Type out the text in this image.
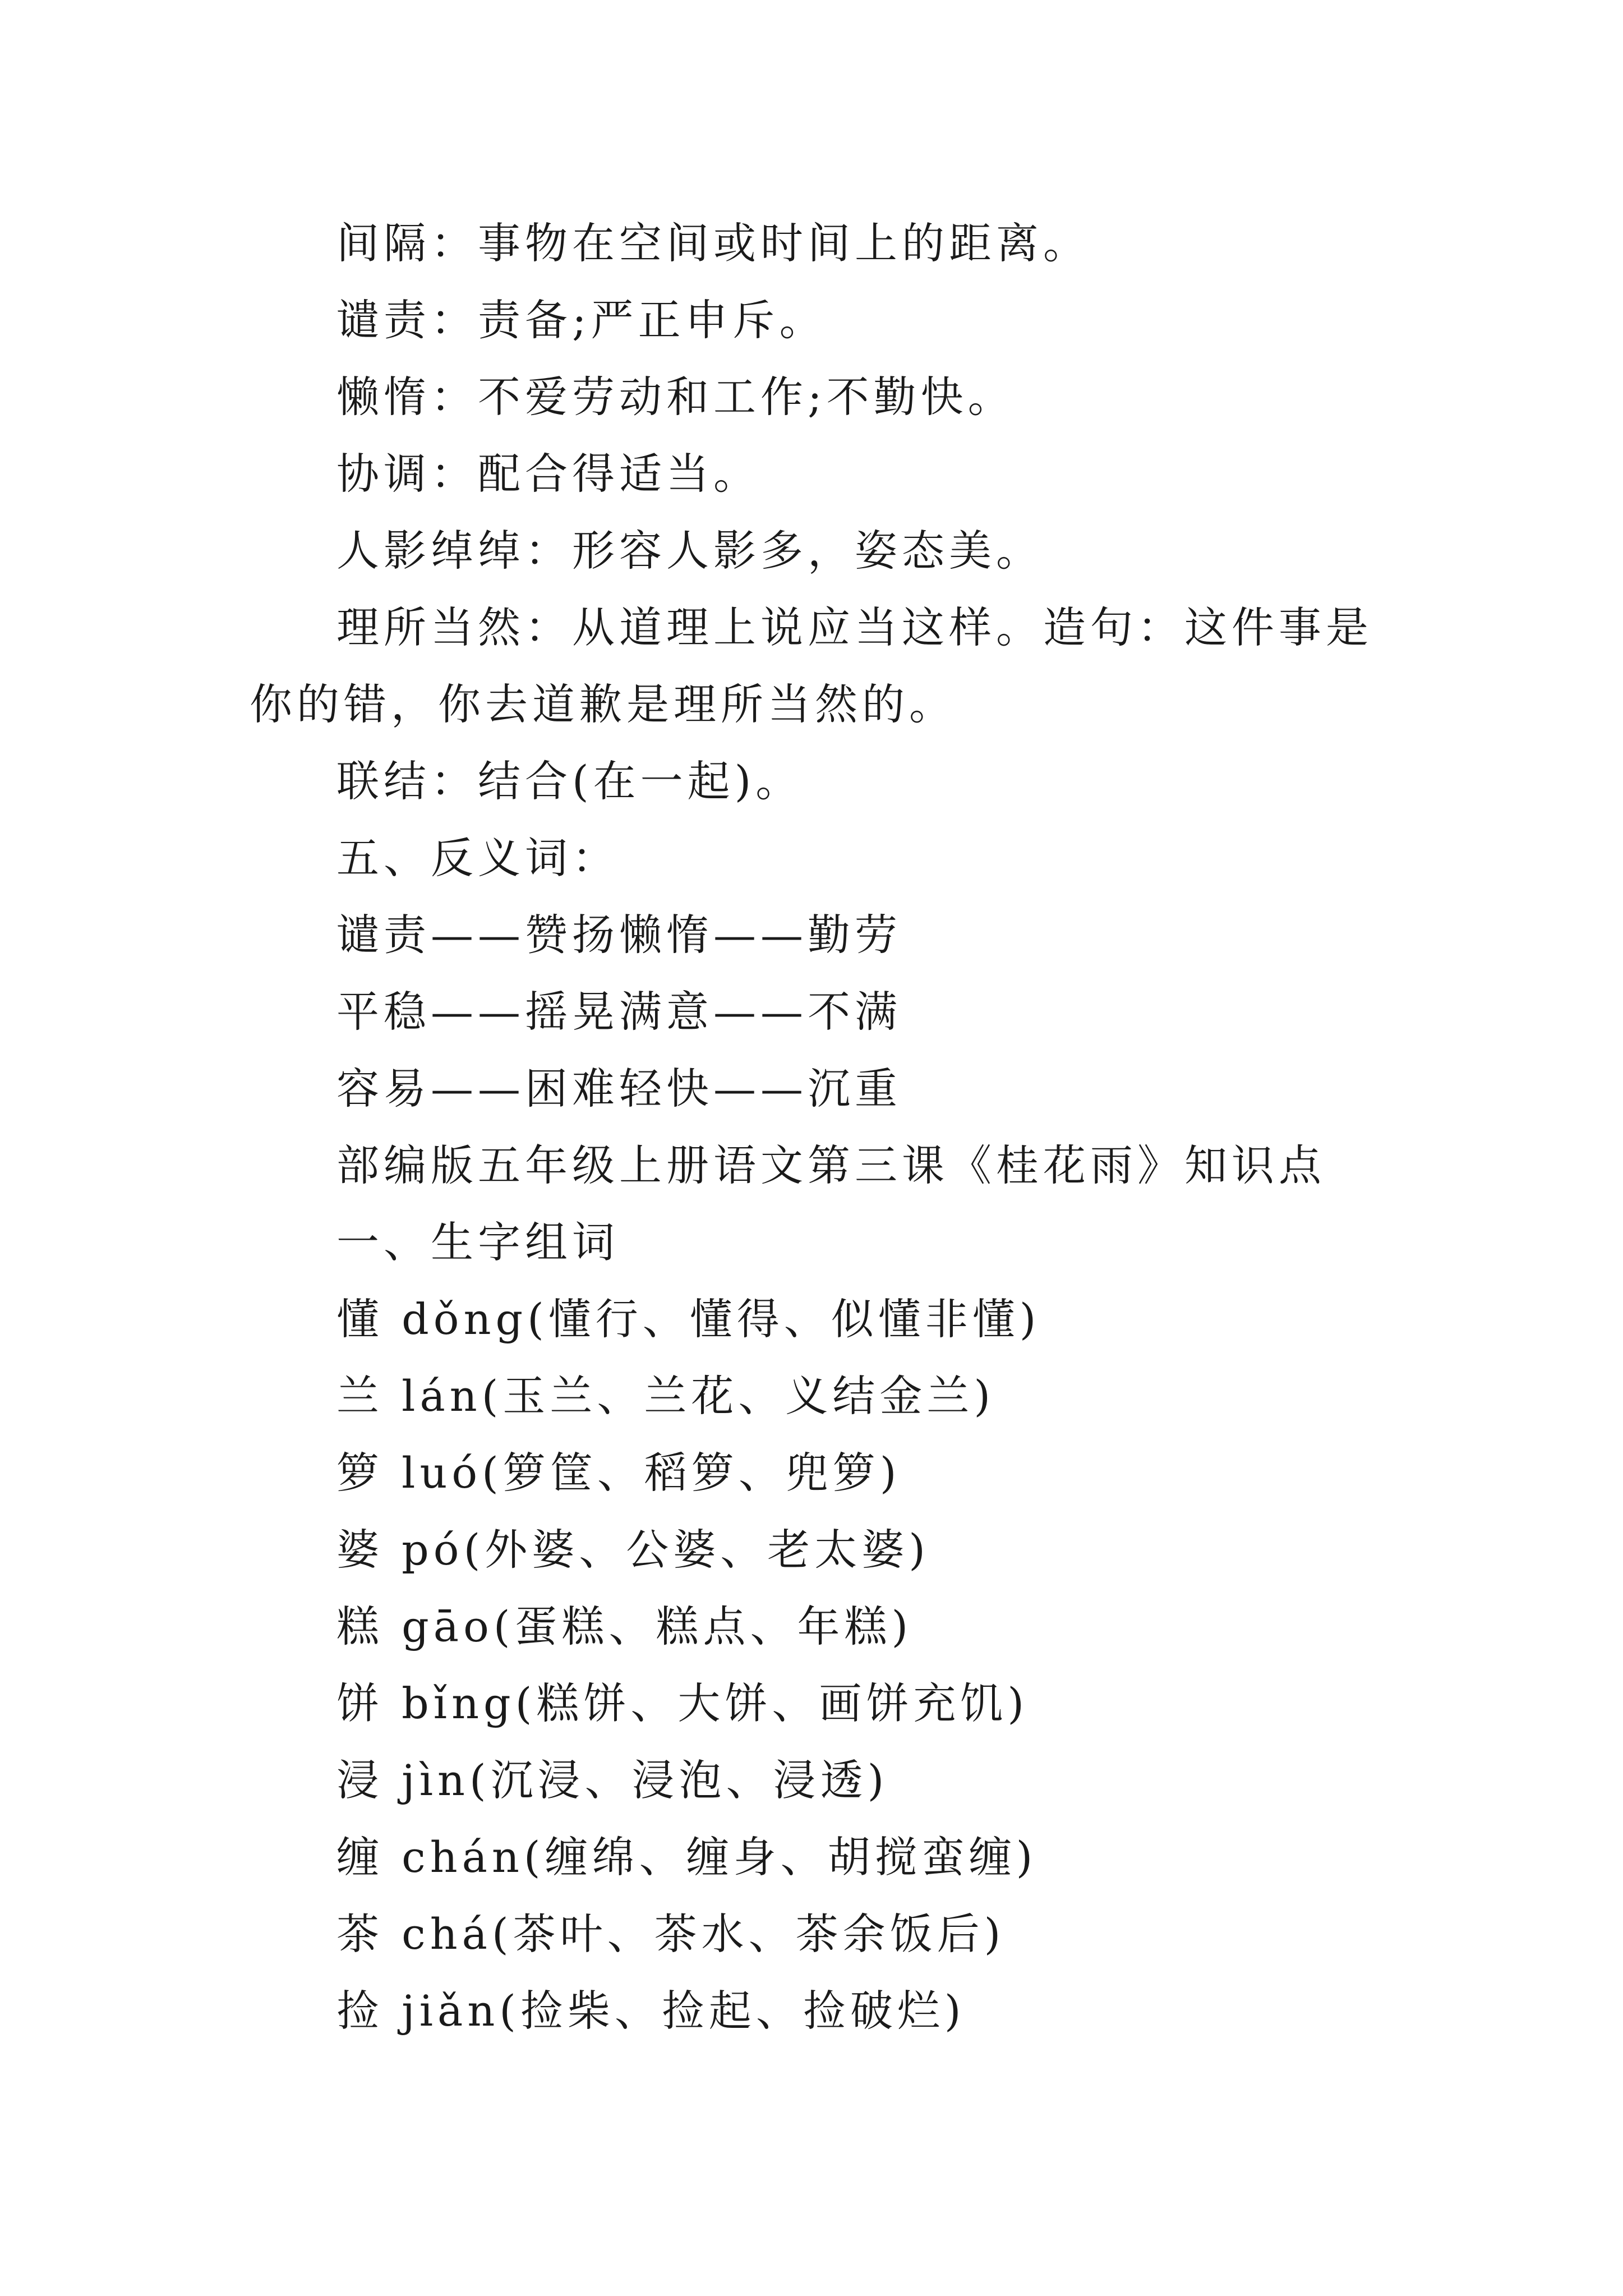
间隔：事物在空间或时间上的距离。
谴责：责备;严正申斥。
懒惰：不爱劳动和工作;不勤快。
协调：配合得适当。
人影绰绰：形容人影多，姿态美。
理所当然：从道理上说应当这样。造句：这件事是你的错，你去道歉是理所当然的。
联结：结合(在一起)。
五、反义词：
谴责——赞扬懒惰——勤劳
平稳——摇晃满意——不满
容易——困难轻快——沉重
部编版五年级上册语文第三课《桂花雨》知识点
一、生字组词
懂 dǒng(懂行、懂得、似懂非懂)
兰 lán(玉兰、兰花、义结金兰)
箩 luó(箩筐、稻箩、兜箩)
婆 pó(外婆、公婆、老太婆)
糕 gāo(蛋糕、糕点、年糕)
饼 bǐng(糕饼、大饼、画饼充饥)
浸 jìn(沉浸、浸泡、浸透)
缠 chán(缠绵、缠身、胡搅蛮缠)
茶 chá(茶叶、茶水、茶余饭后)
捡 jiǎn(捡柴、捡起、捡破烂)
